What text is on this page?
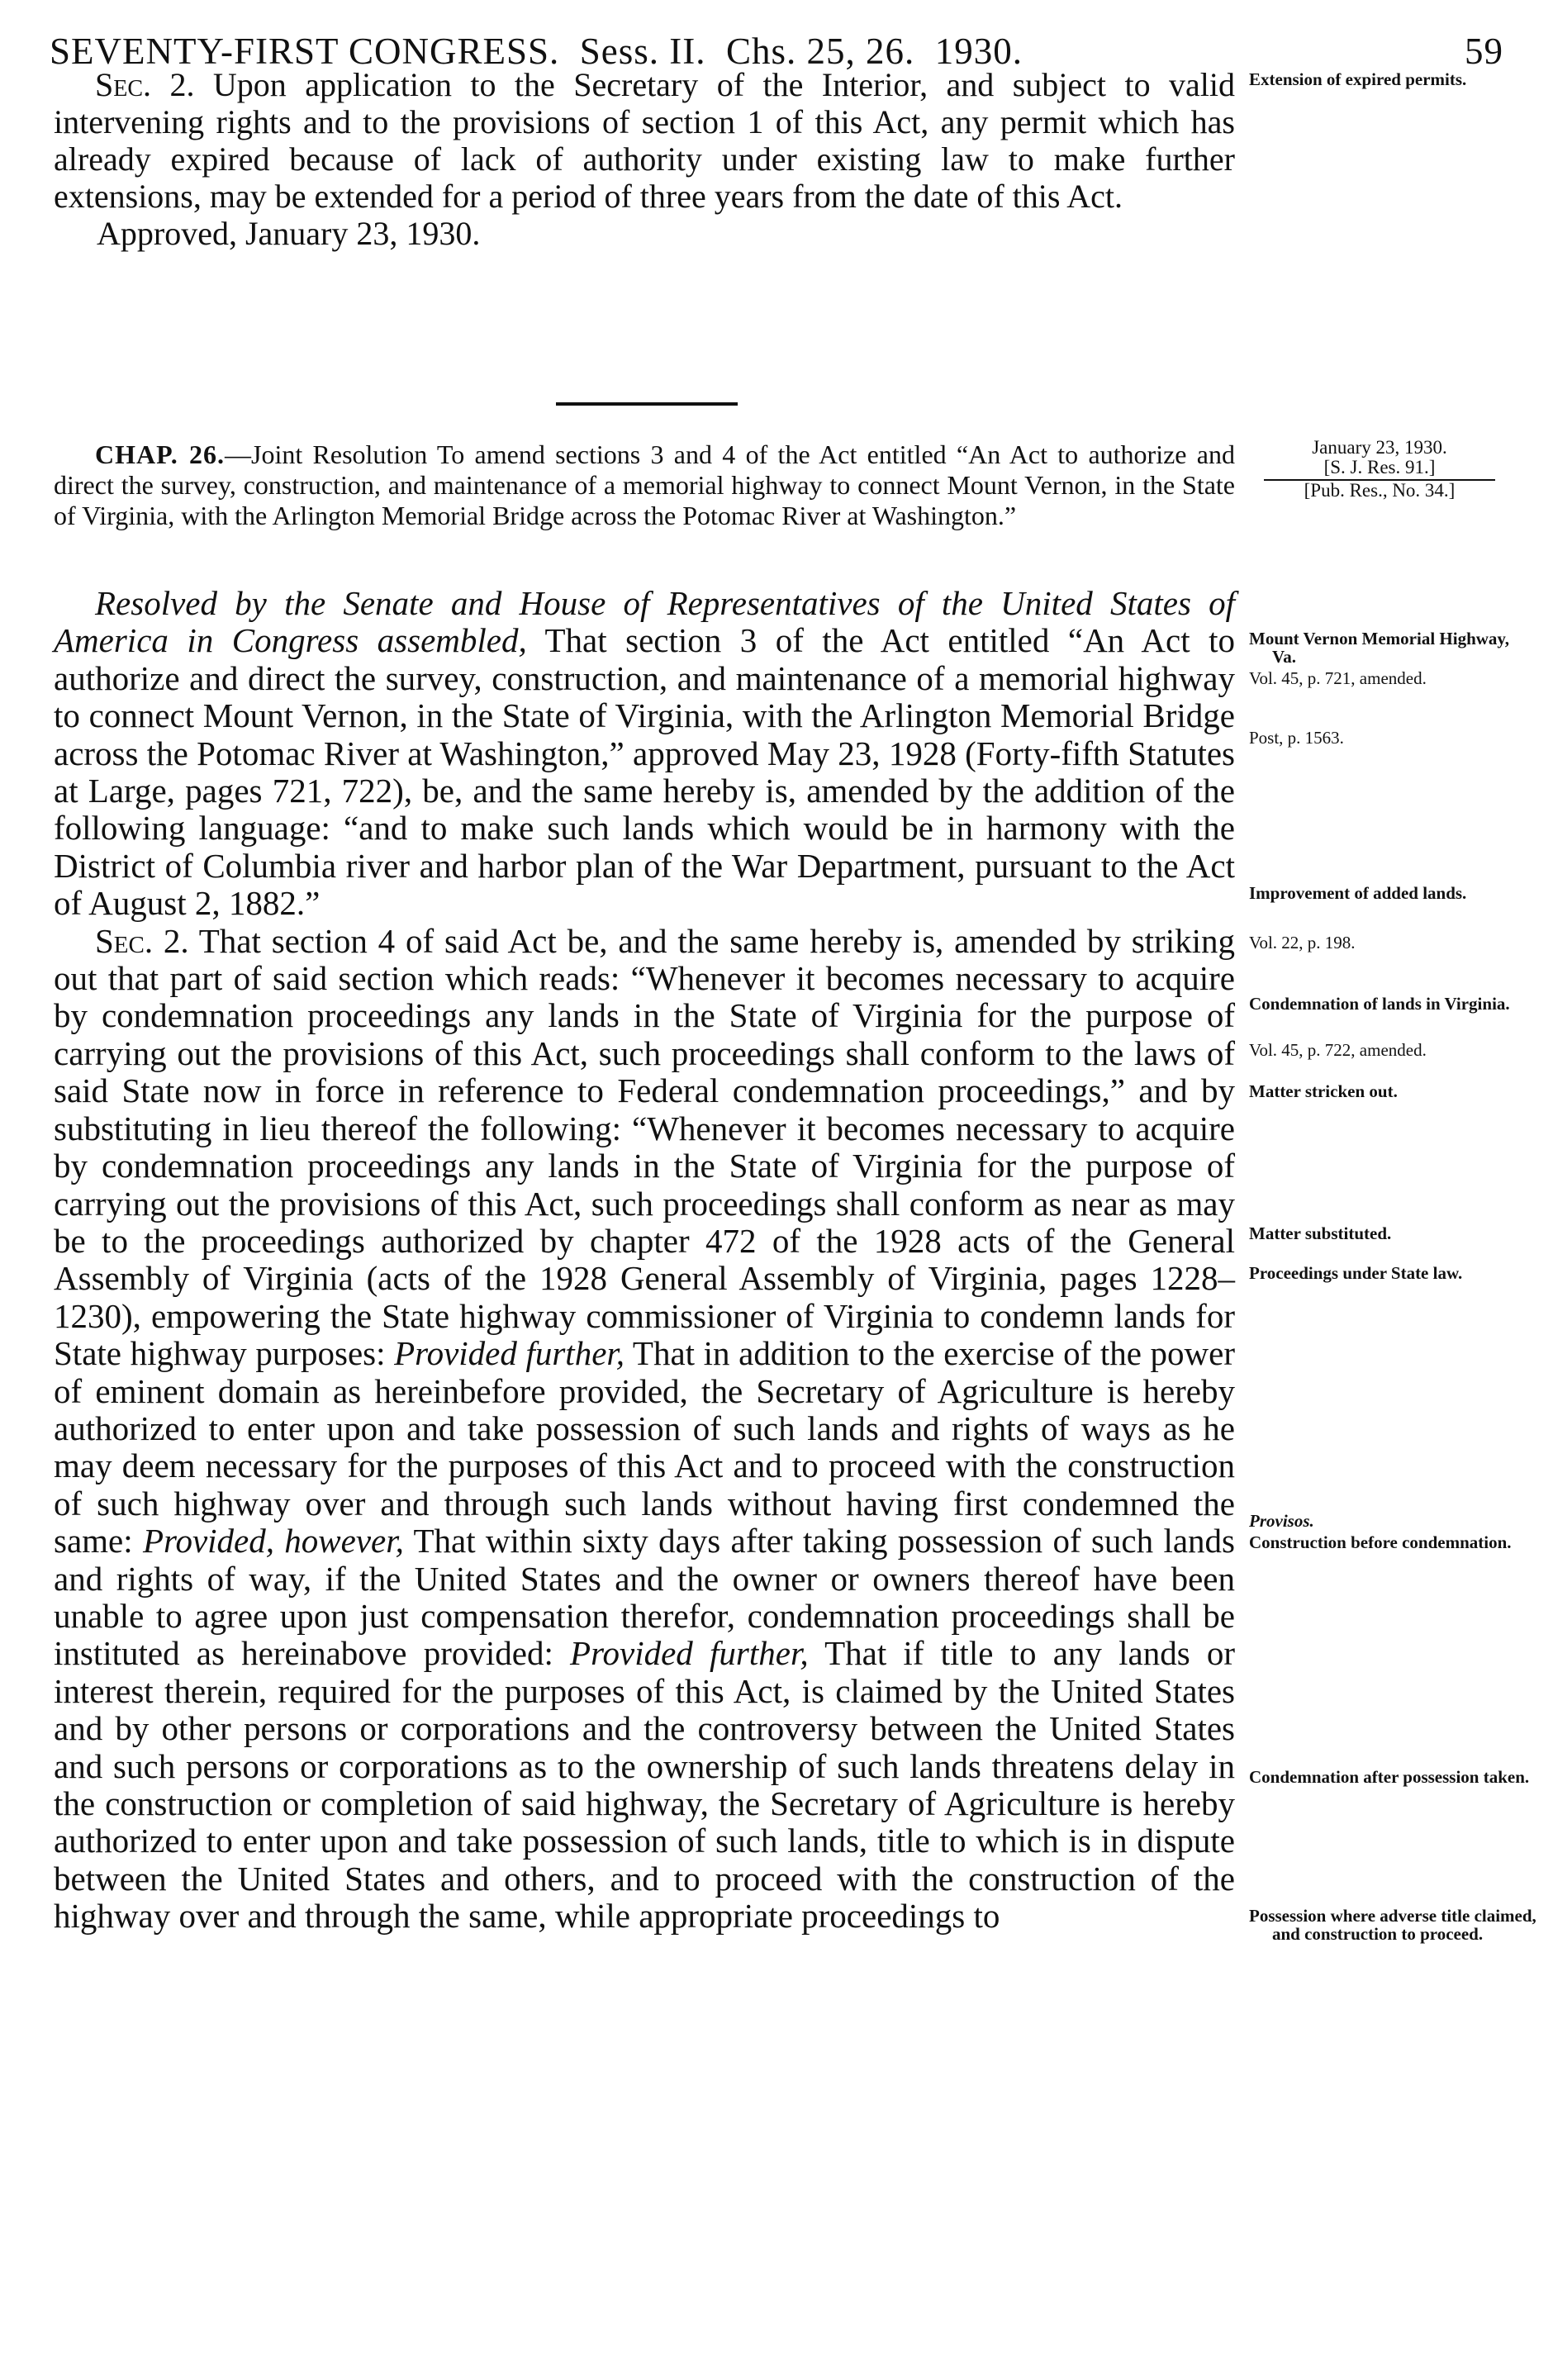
SEVENTY-FIRST CONGRESS.  Sess. II.  Chs. 25, 26.  1930.	59

Sec. 2. Upon application to the Secretary of the Interior, and subject to valid intervening rights and to the provisions of section 1 of this Act, any permit which has already expired because of lack of authority under existing law to make further extensions, may be extended for a period of three years from the date of this Act.

Approved, January 23, 1930.

Extension of expired permits.

CHAP. 26.—Joint Resolution To amend sections 3 and 4 of the Act entitled “An Act to authorize and direct the survey, construction, and maintenance of a memorial highway to connect Mount Vernon, in the State of Virginia, with the Arlington Memorial Bridge across the Potomac River at Washington.”

January 23, 1930.
[S. J. Res. 91.]
[Pub. Res., No. 34.]

Resolved by the Senate and House of Representatives of the United States of America in Congress assembled, That section 3 of the Act entitled “An Act to authorize and direct the survey, construction, and maintenance of a memorial highway to connect Mount Vernon, in the State of Virginia, with the Arlington Memorial Bridge across the Potomac River at Washington,” approved May 23, 1928 (Forty-fifth Statutes at Large, pages 721, 722), be, and the same hereby is, amended by the addition of the following language: “and to make such lands which would be in harmony with the District of Columbia river and harbor plan of the War Department, pursuant to the Act of August 2, 1882.”

Sec. 2. That section 4 of said Act be, and the same hereby is, amended by striking out that part of said section which reads: “Whenever it becomes necessary to acquire by condemnation proceedings any lands in the State of Virginia for the purpose of carrying out the provisions of this Act, such proceedings shall conform to the laws of said State now in force in reference to Federal condemnation proceedings,” and by substituting in lieu thereof the following: “Whenever it becomes necessary to acquire by condemnation proceedings any lands in the State of Virginia for the purpose of carrying out the provisions of this Act, such proceedings shall conform as near as may be to the proceedings authorized by chapter 472 of the 1928 acts of the General Assembly of Virginia (acts of the 1928 General Assembly of Virginia, pages 1228–1230), empowering the State highway commissioner of Virginia to condemn lands for State highway purposes: Provided further, That in addition to the exercise of the power of eminent domain as hereinbefore provided, the Secretary of Agriculture is hereby authorized to enter upon and take possession of such lands and rights of ways as he may deem necessary for the purposes of this Act and to proceed with the construction of such highway over and through such lands without having first condemned the same: Provided, however, That within sixty days after taking possession of such lands and rights of way, if the United States and the owner or owners thereof have been unable to agree upon just compensation therefor, condemnation proceedings shall be instituted as hereinabove provided: Provided further, That if title to any lands or interest therein, required for the purposes of this Act, is claimed by the United States and by other persons or corporations and the controversy between the United States and such persons or corporations as to the ownership of such lands threatens delay in the construction or completion of said highway, the Secretary of Agriculture is hereby authorized to enter upon and take possession of such lands, title to which is in dispute between the United States and others, and to proceed with the construction of the highway over and through the same, while appropriate proceedings to

Mount Vernon Memorial Highway, Va.
Vol. 45, p. 721, amended.
Post, p. 1563.
Improvement of added lands.
Vol. 22, p. 198.
Condemnation of lands in Virginia.
Vol. 45, p. 722, amended.
Matter stricken out.
Matter substituted.
Proceedings under State law.
Provisos.
Construction before condemnation.
Condemnation after possession taken.
Possession where adverse title claimed, and construction to proceed.
